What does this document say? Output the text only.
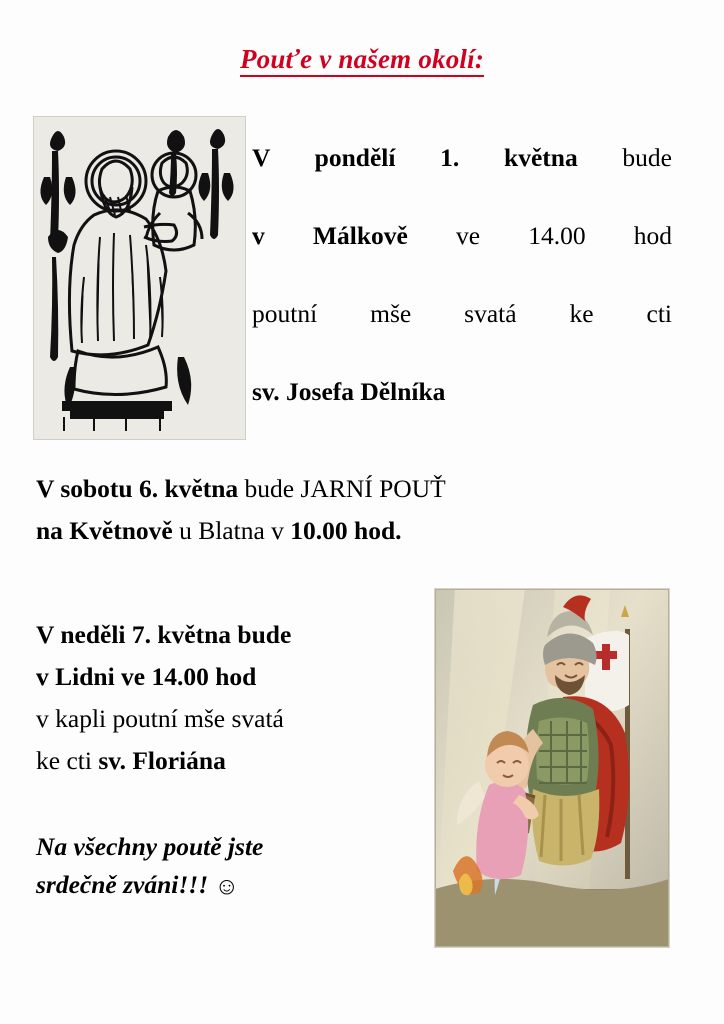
Pouťe v našem okolí:
V pondělí 1. května bude
v Málkově ve 14.00 hod
poutní mše svatá ke cti
sv. Josefa Dělníka
V sobotu 6. května bude JARNÍ POUŤ
na Květnově u Blatna v 10.00 hod.
V neděli 7. května bude
v Lidni ve 14.00 hod
v kapli poutní mše svatá
ke cti sv. Floriána
Na všechny poutě jste
srdečně zváni!!! ☺
